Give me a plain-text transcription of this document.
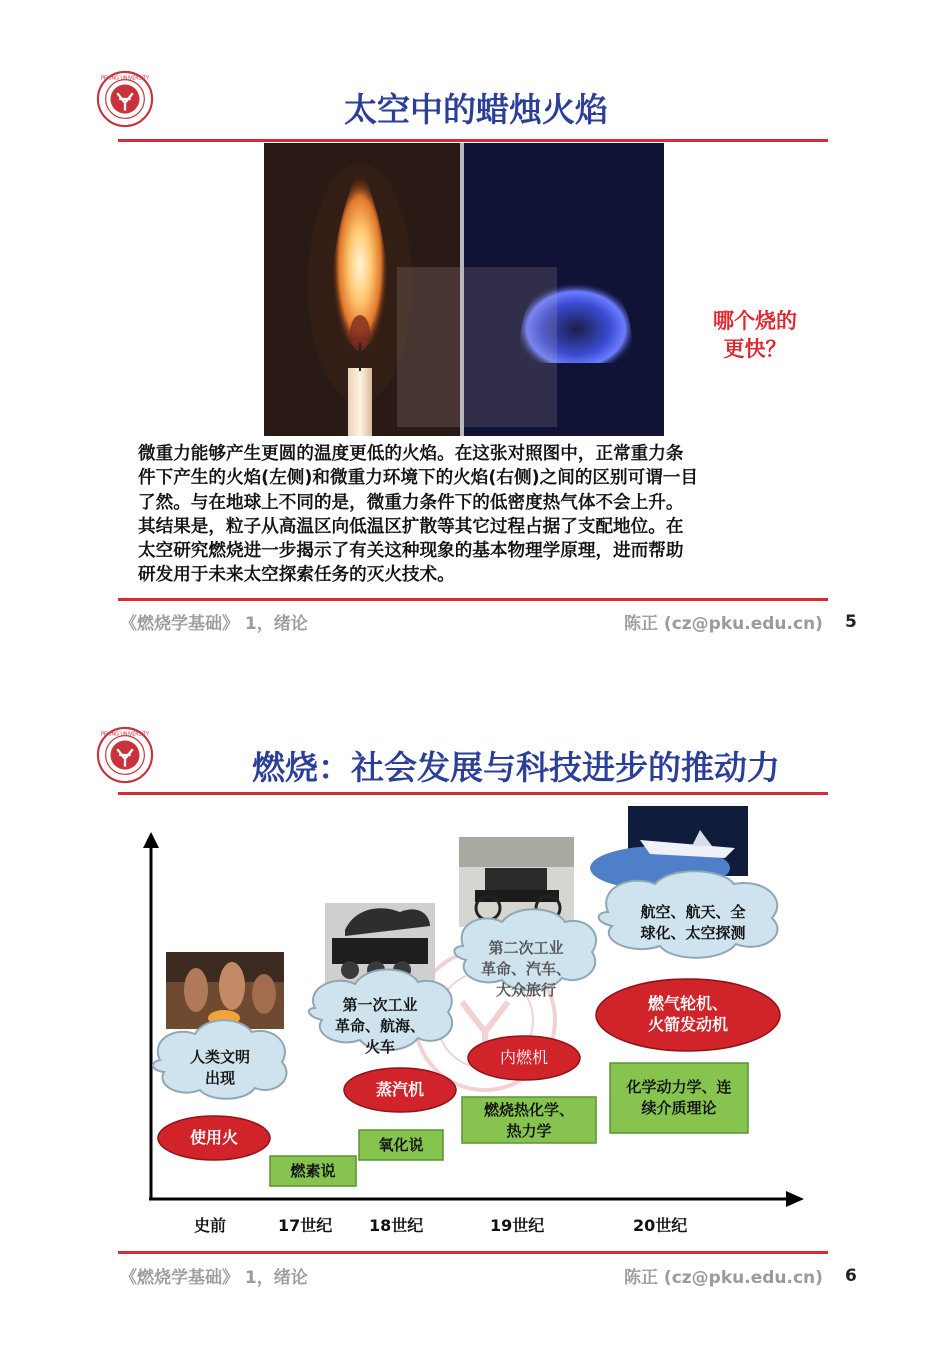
PEKING UNIVERSITY
太空中的蜡烛火焰
哪个烧的
更快？
微重力能够产生更圆的温度更低的火焰。在这张对照图中，正常重力条
件下产生的火焰(左侧)和微重力环境下的火焰(右侧)之间的区别可谓一目
了然。与在地球上不同的是，微重力条件下的低密度热气体不会上升。
其结果是，粒子从高温区向低温区扩散等其它过程占据了支配地位。在
太空研究燃烧进一步揭示了有关这种现象的基本物理学原理，进而帮助
研发用于未来太空探索任务的灭火技术。
《燃烧学基础》 1，绪论	陈正 (cz@pku.edu.cn) 5
PEKING UNIVERSITY
燃烧：社会发展与科技进步的推动力
人类文明
出现
第一次工业
革命、航海、
火车
第二次工业
革命、汽车、
大众旅行
航空、航天、全
球化、太空探测
使用火
蒸汽机
内燃机
燃气轮机、
火箭发动机
燃素说
氧化说
燃烧热化学、
热力学
化学动力学、连
续介质理论
史前	17世纪 18世纪	19世纪	20世纪
《燃烧学基础》 1，绪论	陈正 (cz@pku.edu.cn) 6
